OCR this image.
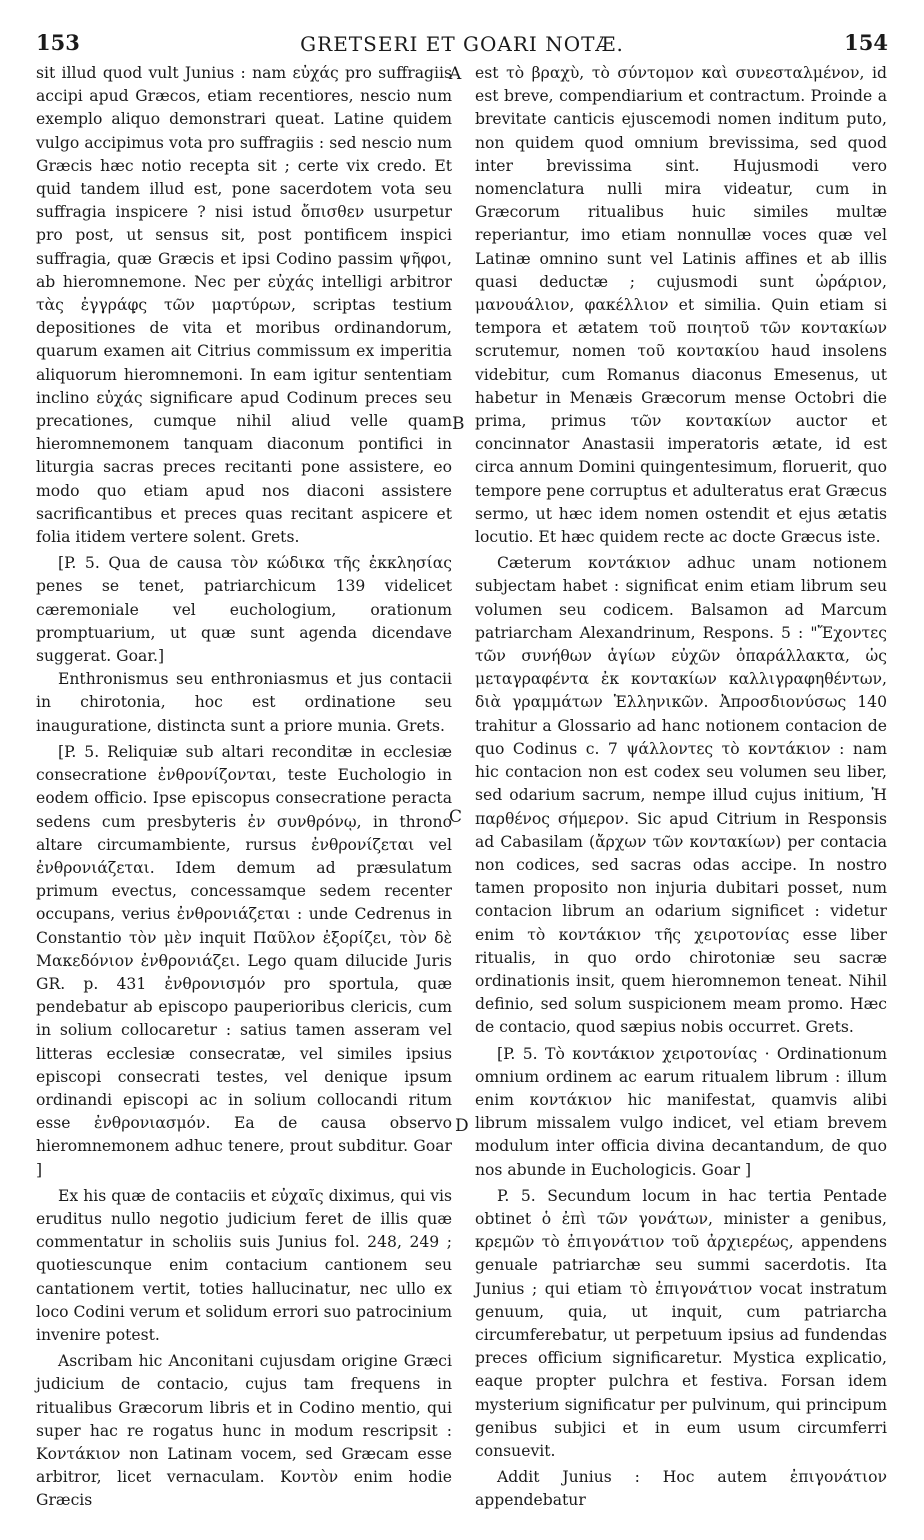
153	GRETSERI ET GOARI NOTÆ.	154
A
B
C
D

sit illud quod vult Junius : nam εὐχάς pro suffragiis accipi apud Græcos, etiam recentiores, nescio num exemplo aliquo demonstrari queat. Latine quidem vulgo accipimus vota pro suffragiis : sed nescio num Græcis hæc notio recepta sit ; certe vix credo. Et quid tandem illud est, pone sacerdotem vota seu suffragia inspicere ? nisi istud ὄπισθεν usurpetur pro post, ut sensus sit, post pontificem inspici suffragia, quæ Græcis et ipsi Codino passim ψῆφοι, ab hieromnemone. Nec per εὐχάς intelligi arbitror τὰς ἐγγράφ̣ς τῶν μαρτύρων, scriptas testium depositiones de vita et moribus ordinandorum, quarum examen ait Citrius commissum ex imperitia aliquorum hieromnemoni. In eam igitur sententiam inclino εὐχάς significare apud Codinum preces seu precationes, cumque nihil aliud velle quam hieromnemonem tanquam diaconum pontifici in liturgia sacras preces recitanti pone assistere, eo modo quo etiam apud nos diaconi assistere sacrificantibus et preces quas recitant aspicere et folia itidem vertere solent. Grets.

[P. 5. Qua de causa τὸν κώδικα τῆς ἐκκλησίας penes se tenet, patriarchicum 139 videlicet cæremoniale vel euchologium, orationum promptuarium, ut quæ sunt agenda dicendave suggerat. Goar.]

Enthronismus seu enthroniasmus et jus contacii in chirotonia, hoc est ordinatione seu inaugurationе, distincta sunt a priore munia. Grets.

[P. 5. Reliquiæ sub altari reconditæ in ecclesiæ consecratione ἐνθρονίζονται, teste Euchologio in eodem officio. Ipse episcopus consecratione peracta sedens cum presbyteris ἐν συνθρόνῳ, in throno altare circumambiente, rursus ἐνθρονίζεται vel ἐνθρονιάζεται. Idem demum ad præsulatum primum evectus, concessamque sedem recenter occupans, verius ἐνθρονιάζεται : unde Cedrenus in Constantio τὸν μὲν inquit Παῦλον ἐξορίζει, τὸν δὲ Μακεδόνιον ἐνθρονιάζει. Lego quam dilucide Juris GR. p. 431 ἐνθρονισμόν pro sportula, quæ pendebatur ab episcopo pauperioribus clericis, cum in solium collocaretur : satius tamen asseram vel litteras ecclesiæ consecratæ, vel similes ipsius episcopi consecrati testes, vel denique ipsum ordinandi episcopi ac in solium collocandi ritum esse ἐνθρονιασμόν. Ea de causa observo hieromnemonem adhuc tenere, prout subditur. Goar ]

Ex his quæ de contaciis et εὐχαῖς diximus, qui vis eruditus nullo negotio judicium feret de illis quæ commentatur in scholiis suis Junius fol. 248, 249 ; quotiescunque enim contacium cantionem seu cantationem vertit, toties hallucinatur, nec ullo ex loco Codini verum et solidum errori suo patrocinium invenire potest.

Ascribam hic Anconitani cujusdam origine Græci judicium de contacio, cujus tam frequens in ritualibus Græcorum libris et in Codino mentio, qui super hac re rogatus hunc in modum rescripsit : Κοντάκιον non Latinam vocem, sed Græcam esse arbitror, licet vernaculam. Κοντὸν enim hodie Græcis

est τὸ βραχὺ, τὸ σύντομον καὶ συνεσταλμένον, id est breve, compendiarium et contractum. Proinde a brevitate canticis ejuscemodi nomen inditum puto, non quidem quod omnium brevissima, sed quod inter brevissima sint. Hujusmodi vero nomenclatura nulli mira videatur, cum in Græcorum ritualibus huic similes multæ reperiantur, imo etiam nonnullæ voces quæ vel Latinæ omnino sunt vel Latinis affines et ab illis quasi deductæ ; cujusmodi sunt ὠράριον, μανουάλιον, φακέλλιον et similia. Quin etiam si tempora et ætatem τοῦ ποιητοῦ τῶν κοντακίων scrutemur, nomen τοῦ κοντακίου haud insolens videbitur, cum Romanus diaconus Emesenus, ut habetur in Menæis Græcorum mense Octobri die prima, primus τῶν κοντακίων auctor et concinnator Anastasii imperatoris ætate, id est circa annum Domini quingentesimum, floruerit, quo tempore pene corruptus et adulteratus erat Græcus sermo, ut hæc idem nomen ostendit et ejus ætatis locutio. Et hæc quidem recte ac docte Græcus iste.

Cæterum κοντάκιον adhuc unam notionem subjectam habet : significat enim etiam librum seu volumen seu codicem. Balsamon ad Marcum patriarcham Alexandrinum, Respons. 5 : "Ἔχοντες τῶν συνήθων ἁγίων εὐχῶν ὀπαράλλακτα, ὡς μεταγραφέντα ἐκ κοντακίων καλλιγραφηθέντων, διὰ γραμμάτων Ἑλληνικῶν. Ἀπροσδιονύσως 140 trahitur a Glossario ad hanc notionem contacion de quo Codinus c. 7 ψάλλοντες τὸ κοντάκιον : nam hic contacion non est codex seu volumen seu liber, sed odarium sacrum, nempe illud cujus initium, Ἡ παρθένος σήμερον. Sic apud Citrium in Responsis ad Cabasilam (ἄρχων τῶν κοντακίων) per contacia non codices, sed sacras odas accipe. In nostro tamen proposito non injuria dubitari posset, num contacion librum an odarium significet : videtur enim τὸ κοντάκιον τῆς χειροτονίας esse liber ritualis, in quo ordo chirotoniæ seu sacræ ordinationis insit, quem hieromnemon teneat. Nihil definio, sed solum suspicionem meam promo. Hæc de contacio, quod sæpius nobis occurret. Grets.

[P. 5. Τὸ κοντάκιον χειροτονίας · Ordinationum omnium ordinem ac earum ritualem librum : illum enim κοντάκιον hic manifestat, quamvis alibi librum missalem vulgo indicet, vel etiam brevem modulum inter officia divina decantandum, de quo nos abunde in Euchologicis. Goar ]

P. 5. Secundum locum in hac tertia Pentade obtinet ὁ ἐπὶ τῶν γονάτων, minister a genibus, κρεμῶν τὸ ἐπιγονάτιον τοῦ ἀρχιερέως, appendens genuale patriarchæ seu summi sacerdotis. Ita Junius ; qui etiam τὸ ἐπιγονάτιον vocat instratum genuum, quia, ut inquit, cum patriarcha circumferebatur, ut perpetuum ipsius ad fundendas preces officium significaretur. Mystica explicatio, eaque propter pulchra et festiva. Forsan idem mysterium significatur per pulvinum, qui principum genibus subjici et in eum usum circumferri consuevit.

Addit Junius : Hoc autem ἐπιγονάτιον appendebatur
